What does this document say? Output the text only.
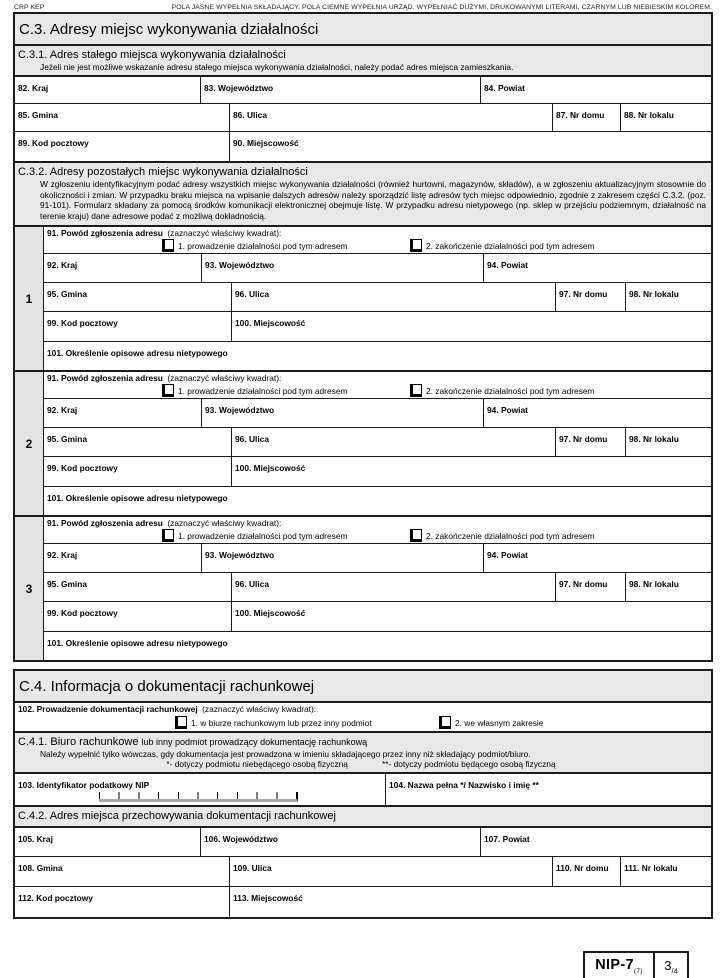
CRP KEP	POLA JASNE WYPEŁNIA SKŁADAJĄCY, POLA CIEMNE WYPEŁNIA URZĄD. WYPEŁNIAĆ DUŻYMI, DRUKOWANYMI LITERAMI, CZARNYM LUB NIEBIESKIM KOLOREM.
C.3. Adresy miejsc wykonywania działalności
C.3.1. Adres stałego miejsca wykonywania działalności
Jeżeli nie jest możliwe wskazanie adresu stałego miejsca wykonywania działalności, należy podać adres miejsca zamieszkania.
82. Kraj	83. Województwo	84. Powiat
85. Gmina	86. Ulica	87. Nr domu	88. Nr lokalu
89. Kod pocztowy	90. Miejscowość
C.3.2. Adresy pozostałych miejsc wykonywania działalności
W zgłoszeniu identyfikacyjnym podać adresy wszystkich miejsc wykonywania działalności (również hurtowni, magazynów, składów), a w zgłoszeniu aktualizacyjnym stosownie do okoliczności i zmian. W przypadku braku miejsca na wpisanie dalszych adresów należy sporządzić listę adresów tych miejsc odpowiednio, zgodnie z zakresem części C.3.2. (poz. 91-101). Formularz składany za pomocą środków komunikacji elektronicznej obejmuje listę. W przypadku adresu nietypowego (np. sklep w przejściu podziemnym, działalność na terenie kraju) dane adresowe podać z możliwą dokładnością.
1
91. Powód zgłoszenia adresu
(zaznaczyć właściwy kwadrat):
1. prowadzenie działalności pod tym adresem	2. zakończenie działalności pod tym adresem
92. Kraj	93. Województwo	94. Powiat
95. Gmina	96. Ulica	97. Nr domu	98. Nr lokalu
99. Kod pocztowy	100. Miejscowość
101. Określenie opisowe adresu nietypowego
2
91. Powód zgłoszenia adresu
(zaznaczyć właściwy kwadrat):
1. prowadzenie działalności pod tym adresem	2. zakończenie działalności pod tym adresem
92. Kraj	93. Województwo	94. Powiat
95. Gmina	96. Ulica	97. Nr domu	98. Nr lokalu
99. Kod pocztowy	100. Miejscowość
101. Określenie opisowe adresu nietypowego
3
91. Powód zgłoszenia adresu
(zaznaczyć właściwy kwadrat):
1. prowadzenie działalności pod tym adresem	2. zakończenie działalności pod tym adresem
92. Kraj	93. Województwo	94. Powiat
95. Gmina	96. Ulica	97. Nr domu	98. Nr lokalu
99. Kod pocztowy	100. Miejscowość
101. Określenie opisowe adresu nietypowego
C.4. Informacja o dokumentacji rachunkowej
102. Prowadzenie dokumentacji rachunkowej
(zaznaczyć właściwy kwadrat):
1. w biurze rachunkowym lub przez inny podmiot	2. we własnym zakresie
C.4.1. Biuro rachunkowe lub inny podmiot prowadzący dokumentację rachunkową
Należy wypełnić tylko wówczas, gdy dokumentacja jest prowadzona w imieniu składającego przez inny niż składający podmiot/biuro.
*- dotyczy podmiotu niebędącego osobą fizyczną	**- dotyczy podmiotu będącego osobą fizyczną
103. Identyfikator podatkowy NIP	104. Nazwa pełna */ Nazwisko i imię **
C.4.2. Adres miejsca przechowywania dokumentacji rachunkowej
105. Kraj	106. Województwo	107. Powiat
108. Gmina	109. Ulica	110. Nr domu	111. Nr lokalu
112. Kod pocztowy	113. Miejscowość
NIP-$7_{(7)}$	$3_{/4}$
